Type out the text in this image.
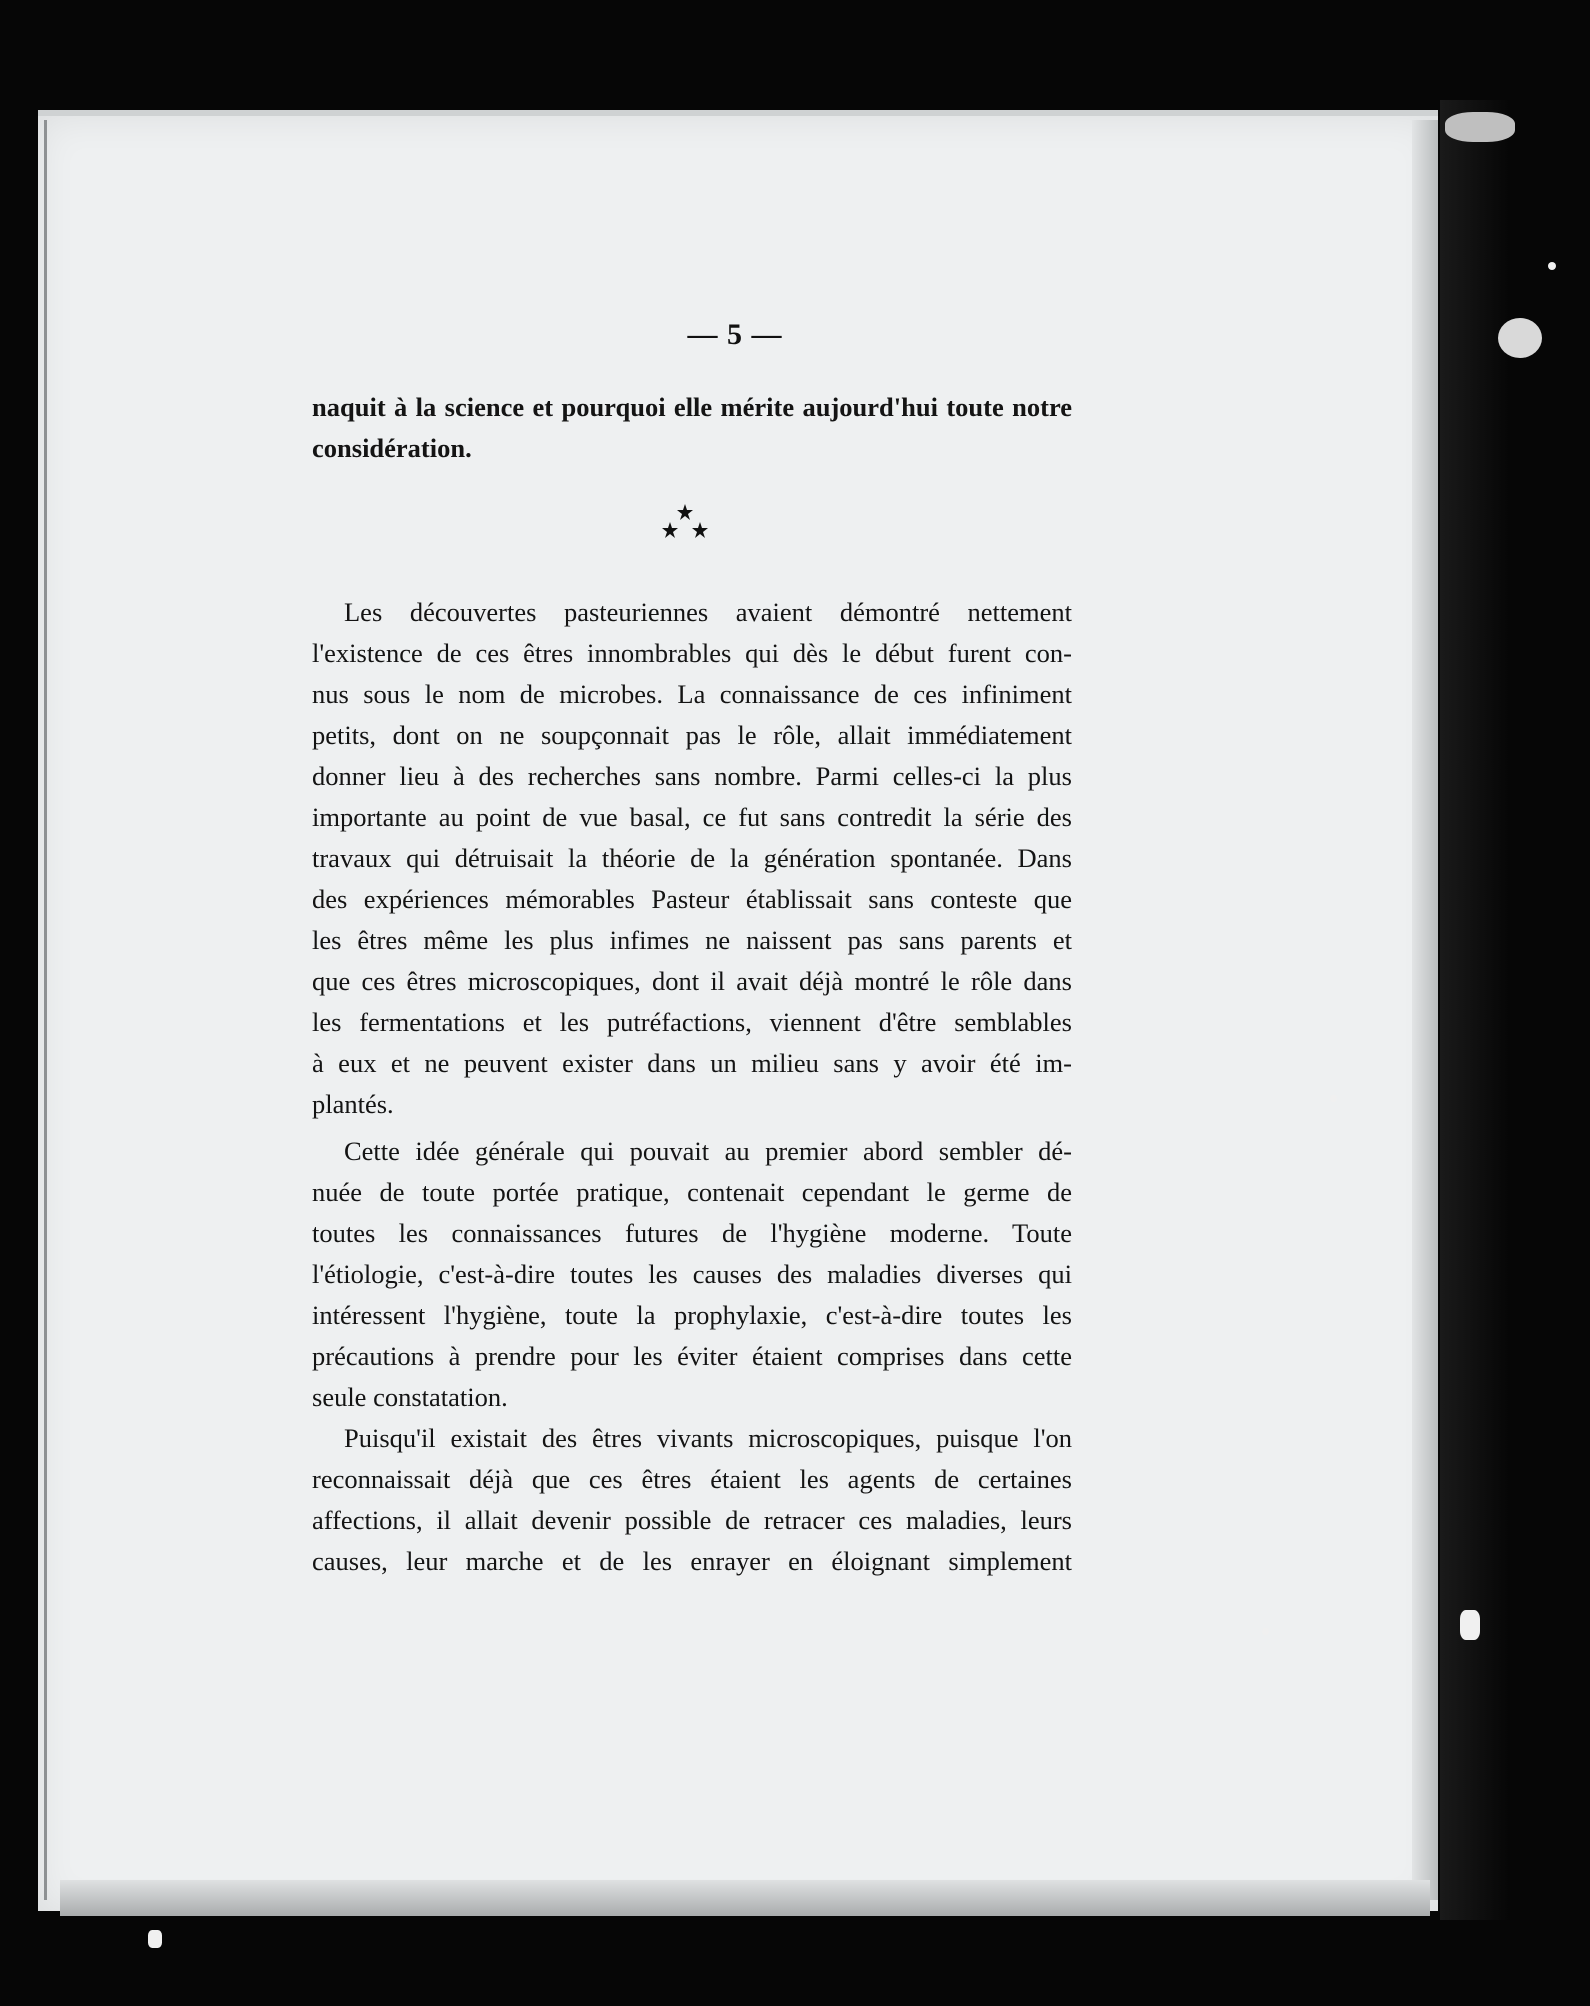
— 5 —
naquit à la science et pourquoi elle mérite aujourd'hui toute notre
considération.
Les découvertes pasteuriennes avaient démontré nettement
l'existence de ces êtres innombrables qui dès le début furent con-
nus sous le nom de microbes. La connaissance de ces infiniment
petits, dont on ne soupçonnait pas le rôle, allait immédiatement
donner lieu à des recherches sans nombre. Parmi celles-ci la plus
importante au point de vue basal, ce fut sans contredit la série des
travaux qui détruisait la théorie de la génération spontanée. Dans
des expériences mémorables Pasteur établissait sans conteste que
les êtres même les plus infimes ne naissent pas sans parents et
que ces êtres microscopiques, dont il avait déjà montré le rôle dans
les fermentations et les putréfactions, viennent d'être semblables
à eux et ne peuvent exister dans un milieu sans y avoir été im-
plantés.
Cette idée générale qui pouvait au premier abord sembler dé-
nuée de toute portée pratique, contenait cependant le germe de
toutes les connaissances futures de l'hygiène moderne. Toute
l'étiologie, c'est-à-dire toutes les causes des maladies diverses qui
intéressent l'hygiène, toute la prophylaxie, c'est-à-dire toutes les
précautions à prendre pour les éviter étaient comprises dans cette
seule constatation.
Puisqu'il existait des êtres vivants microscopiques, puisque l'on
reconnaissait déjà que ces êtres étaient les agents de certaines
affections, il allait devenir possible de retracer ces maladies, leurs
causes, leur marche et de les enrayer en éloignant simplement
